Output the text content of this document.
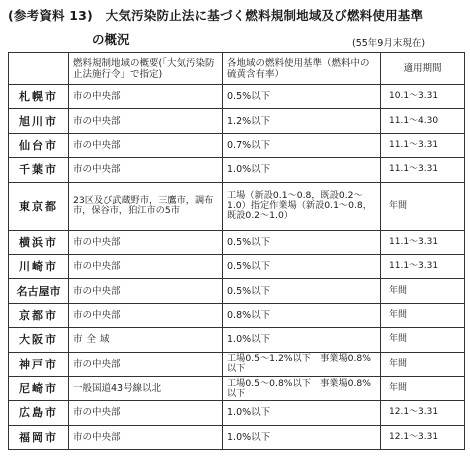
(参考資料 13)　大気汚染防止法に基づく燃料規制地域及び燃料使用基準
の概況	(55年9月末現在)
	燃料規制地域の概要(「大気汚染防止法施行令」で指定)	各地域の燃料使用基準（燃料中の硫黄含有率）	適用期間
札幌市	市の中央部	0.5%以下	10.1～3.31
旭川市	市の中央部	1.2%以下	11.1～4.30
仙台市	市の中央部	0.7%以下	11.1～3.31
千葉市	市の中央部	1.0%以下	11.1～3.31
東京都	23区及び武蔵野市，三鷹市，調布市，保谷市，狛江市の5市	工場（新設0.1～0.8，既設0.2～1.0）指定作業場（新設0.1～0.8，既設0.2～1.0）	年間
横浜市	市の中央部	0.5%以下	11.1～3.31
川崎市	市の中央部	0.5%以下	11.1～3.31
名古屋市	市の中央部	0.5%以下	年間
京都市	市の中央部	0.8%以下	年間
大阪市	市全域	1.0%以下	年間
神戸市	市の中央部	工場0.5～1.2%以下　事業場0.8%以下	年間
尼崎市	一般国道43号線以北	工場0.5～0.8%以下　事業場0.8%以下	年間
広島市	市の中央部	1.0%以下	12.1～3.31
福岡市	市の中央部	1.0%以下	12.1～3.31
